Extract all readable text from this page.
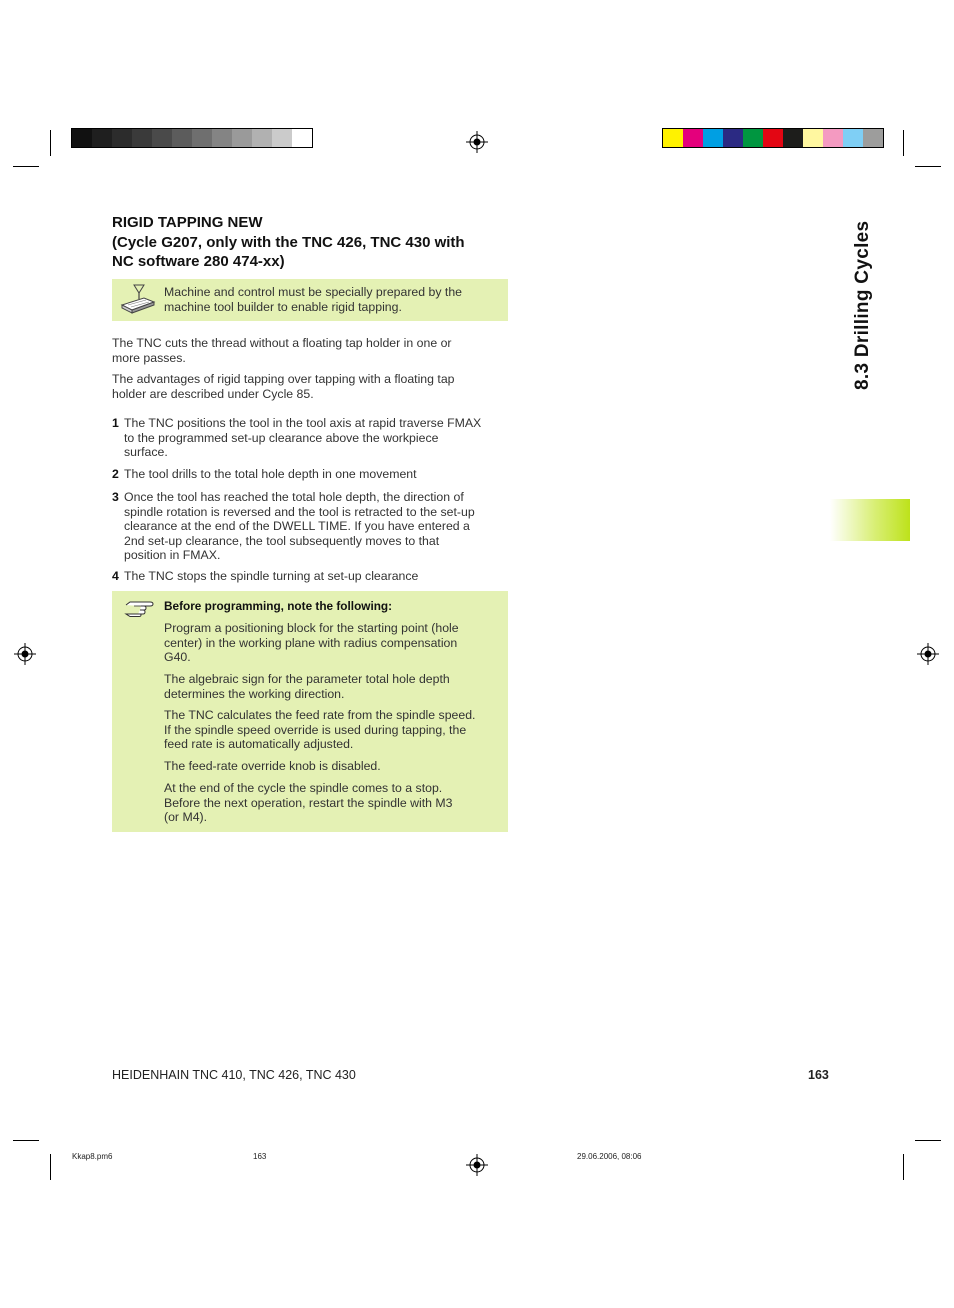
8.3 Drilling Cycles
RIGID TAPPING NEW
(Cycle G207, only with the TNC 426, TNC 430 with
NC software 280 474-xx)
Machine and control must be specially prepared by the
machine tool builder to enable rigid tapping.
The TNC cuts the thread without a floating tap holder in one or
more passes.
The advantages of rigid tapping over tapping with a floating tap
holder are described under Cycle 85.
1 The TNC positions the tool in the tool axis at rapid traverse FMAX
to the programmed set-up clearance above the workpiece
surface.
2 The tool drills to the total hole depth in one movement
3 Once the tool has reached the total hole depth, the direction of
spindle rotation is reversed and the tool is retracted to the set-up
clearance at the end of the DWELL TIME. If you have entered a
2nd set-up clearance, the tool subsequently moves to that
position in FMAX.
4 The TNC stops the spindle turning at set-up clearance
Before programming, note the following:
Program a positioning block for the starting point (hole
center) in the working plane with radius compensation
G40.
The algebraic sign for the parameter total hole depth
determines the working direction.
The TNC calculates the feed rate from the spindle speed.
If the spindle speed override is used during tapping, the
feed rate is automatically adjusted.
The feed-rate override knob is disabled.
At the end of the cycle the spindle comes to a stop.
Before the next operation, restart the spindle with M3
(or M4).
HEIDENHAIN TNC 410, TNC 426, TNC 430	163
Kkap8.pm6	163	29.06.2006, 08:06
